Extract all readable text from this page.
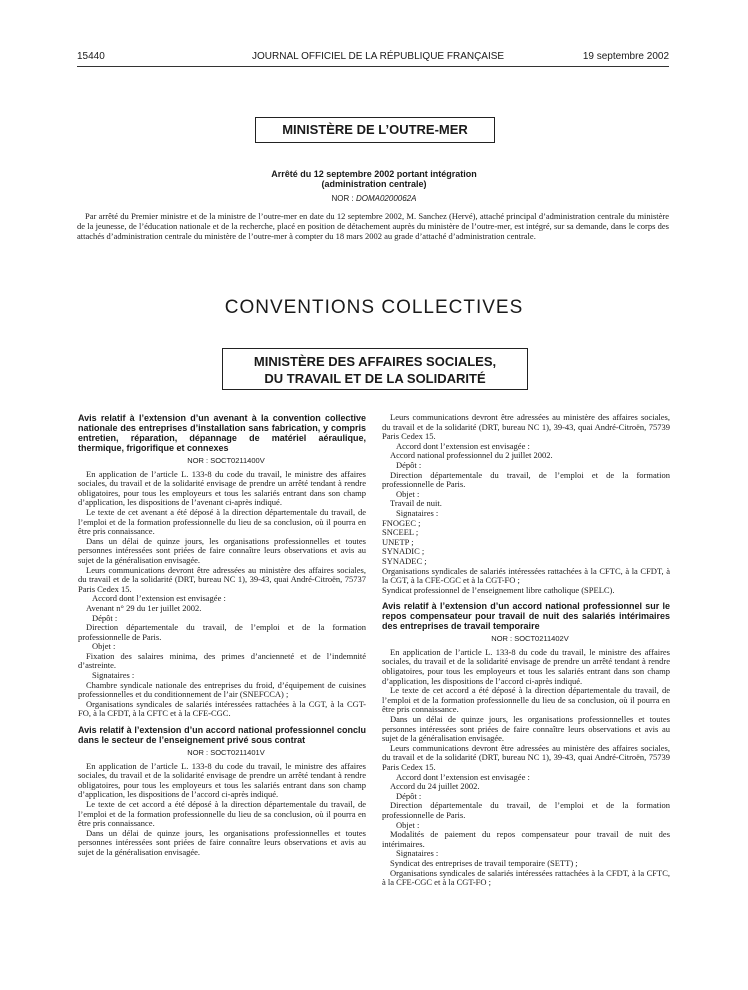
15440	JOURNAL OFFICIEL DE LA RÉPUBLIQUE FRANÇAISE	19 septembre 2002
MINISTÈRE DE L’OUTRE-MER
Arrêté du 12 septembre 2002 portant intégration
(administration centrale)
NOR : DOMA0200062A

Par arrêté du Premier ministre et de la ministre de l’outre-mer en date du 12 septembre 2002, M. Sanchez (Hervé), attaché principal d’administration centrale du ministère de la jeunesse, de l’éducation nationale et de la recherche, placé en position de détachement auprès du ministère de l’outre-mer, est intégré, sur sa demande, dans le corps des attachés d’administration centrale du ministère de l’outre-mer à compter du 18 mars 2002 au grade d’attaché d’administration centrale.

CONVENTIONS COLLECTIVES
MINISTÈRE DES AFFAIRES SOCIALES,
DU TRAVAIL ET DE LA SOLIDARITÉ

Avis relatif à l’extension d’un avenant à la convention collective nationale des entreprises d’installation sans fabrication, y compris entretien, réparation, dépannage de matériel aéraulique, thermique, frigorifique et connexes

NOR : SOCT0211400V

En application de l’article L. 133-8 du code du travail, le ministre des affaires sociales, du travail et de la solidarité envisage de prendre un arrêté tendant à rendre obligatoires, pour tous les employeurs et tous les salariés entrant dans son champ d’application, les dispositions de l’avenant ci-après indiqué.

Le texte de cet avenant a été déposé à la direction départementale du travail, de l’emploi et de la formation professionnelle du lieu de sa conclusion, où il pourra en être pris connaissance.

Dans un délai de quinze jours, les organisations professionnelles et toutes personnes intéressées sont priées de faire connaître leurs observations et avis au sujet de la généralisation envisagée.

Leurs communications devront être adressées au ministère des affaires sociales, du travail et de la solidarité (DRT, bureau NC 1), 39-43, quai André-Citroën, 75737 Paris Cedex 15.

Accord dont l’extension est envisagée :

Avenant n° 29 du 1er juillet 2002.

Dépôt :

Direction départementale du travail, de l’emploi et de la formation professionnelle de Paris.

Objet :

Fixation des salaires minima, des primes d’ancienneté et de l’indemnité d’astreinte.

Signataires :

Chambre syndicale nationale des entreprises du froid, d’équipement de cuisines professionnelles et du conditionnement de l’air (SNEFCCA) ;

Organisations syndicales de salariés intéressées rattachées à la CGT, à la CGT-FO, à la CFDT, à la CFTC et à la CFE-CGC.

Avis relatif à l’extension d’un accord national professionnel conclu dans le secteur de l’enseignement privé sous contrat

NOR : SOCT0211401V

En application de l’article L. 133-8 du code du travail, le ministre des affaires sociales, du travail et de la solidarité envisage de prendre un arrêté tendant à rendre obligatoires, pour tous les employeurs et tous les salariés entrant dans son champ d’application, les dispositions de l’accord ci-après indiqué.

Le texte de cet accord a été déposé à la direction départementale du travail, de l’emploi et de la formation professionnelle du lieu de sa conclusion, où il pourra en être pris connaissance.

Dans un délai de quinze jours, les organisations professionnelles et toutes personnes intéressées sont priées de faire connaître leurs observations et avis au sujet de la généralisation envisagée.

Leurs communications devront être adressées au ministère des affaires sociales, du travail et de la solidarité (DRT, bureau NC 1), 39-43, quai André-Citroën, 75739 Paris Cedex 15.

Accord dont l’extension est envisagée :

Accord national professionnel du 2 juillet 2002.

Dépôt :

Direction départementale du travail, de l’emploi et de la formation professionnelle de Paris.

Objet :

Travail de nuit.

Signataires :

FNOGEC ;

SNCEEL ;

UNETP ;

SYNADIC ;

SYNADEC ;

Organisations syndicales de salariés intéressées rattachées à la CFTC, à la CFDT, à la CGT, à la CFE-CGC et à la CGT-FO ;

Syndicat professionnel de l’enseignement libre catholique (SPELC).

Avis relatif à l’extension d’un accord national professionnel sur le repos compensateur pour travail de nuit des salariés intérimaires des entreprises de travail temporaire

NOR : SOCT0211402V

En application de l’article L. 133-8 du code du travail, le ministre des affaires sociales, du travail et de la solidarité envisage de prendre un arrêté tendant à rendre obligatoires, pour tous les employeurs et tous les salariés entrant dans son champ d’application, les dispositions de l’accord ci-après indiqué.

Le texte de cet accord a été déposé à la direction départementale du travail, de l’emploi et de la formation professionnelle du lieu de sa conclusion, où il pourra en être pris connaissance.

Dans un délai de quinze jours, les organisations professionnelles et toutes personnes intéressées sont priées de faire connaître leurs observations et avis au sujet de la généralisation envisagée.

Leurs communications devront être adressées au ministère des affaires sociales, du travail et de la solidarité (DRT, bureau NC 1), 39-43, quai André-Citroën, 75739 Paris Cedex 15.

Accord dont l’extension est envisagée :

Accord du 24 juillet 2002.

Dépôt :

Direction départementale du travail, de l’emploi et de la formation professionnelle de Paris.

Objet :

Modalités de paiement du repos compensateur pour travail de nuit des intérimaires.

Signataires :

Syndicat des entreprises de travail temporaire (SETT) ;

Organisations syndicales de salariés intéressées rattachées à la CFDT, à la CFTC, à la CFE-CGC et à la CGT-FO ;
